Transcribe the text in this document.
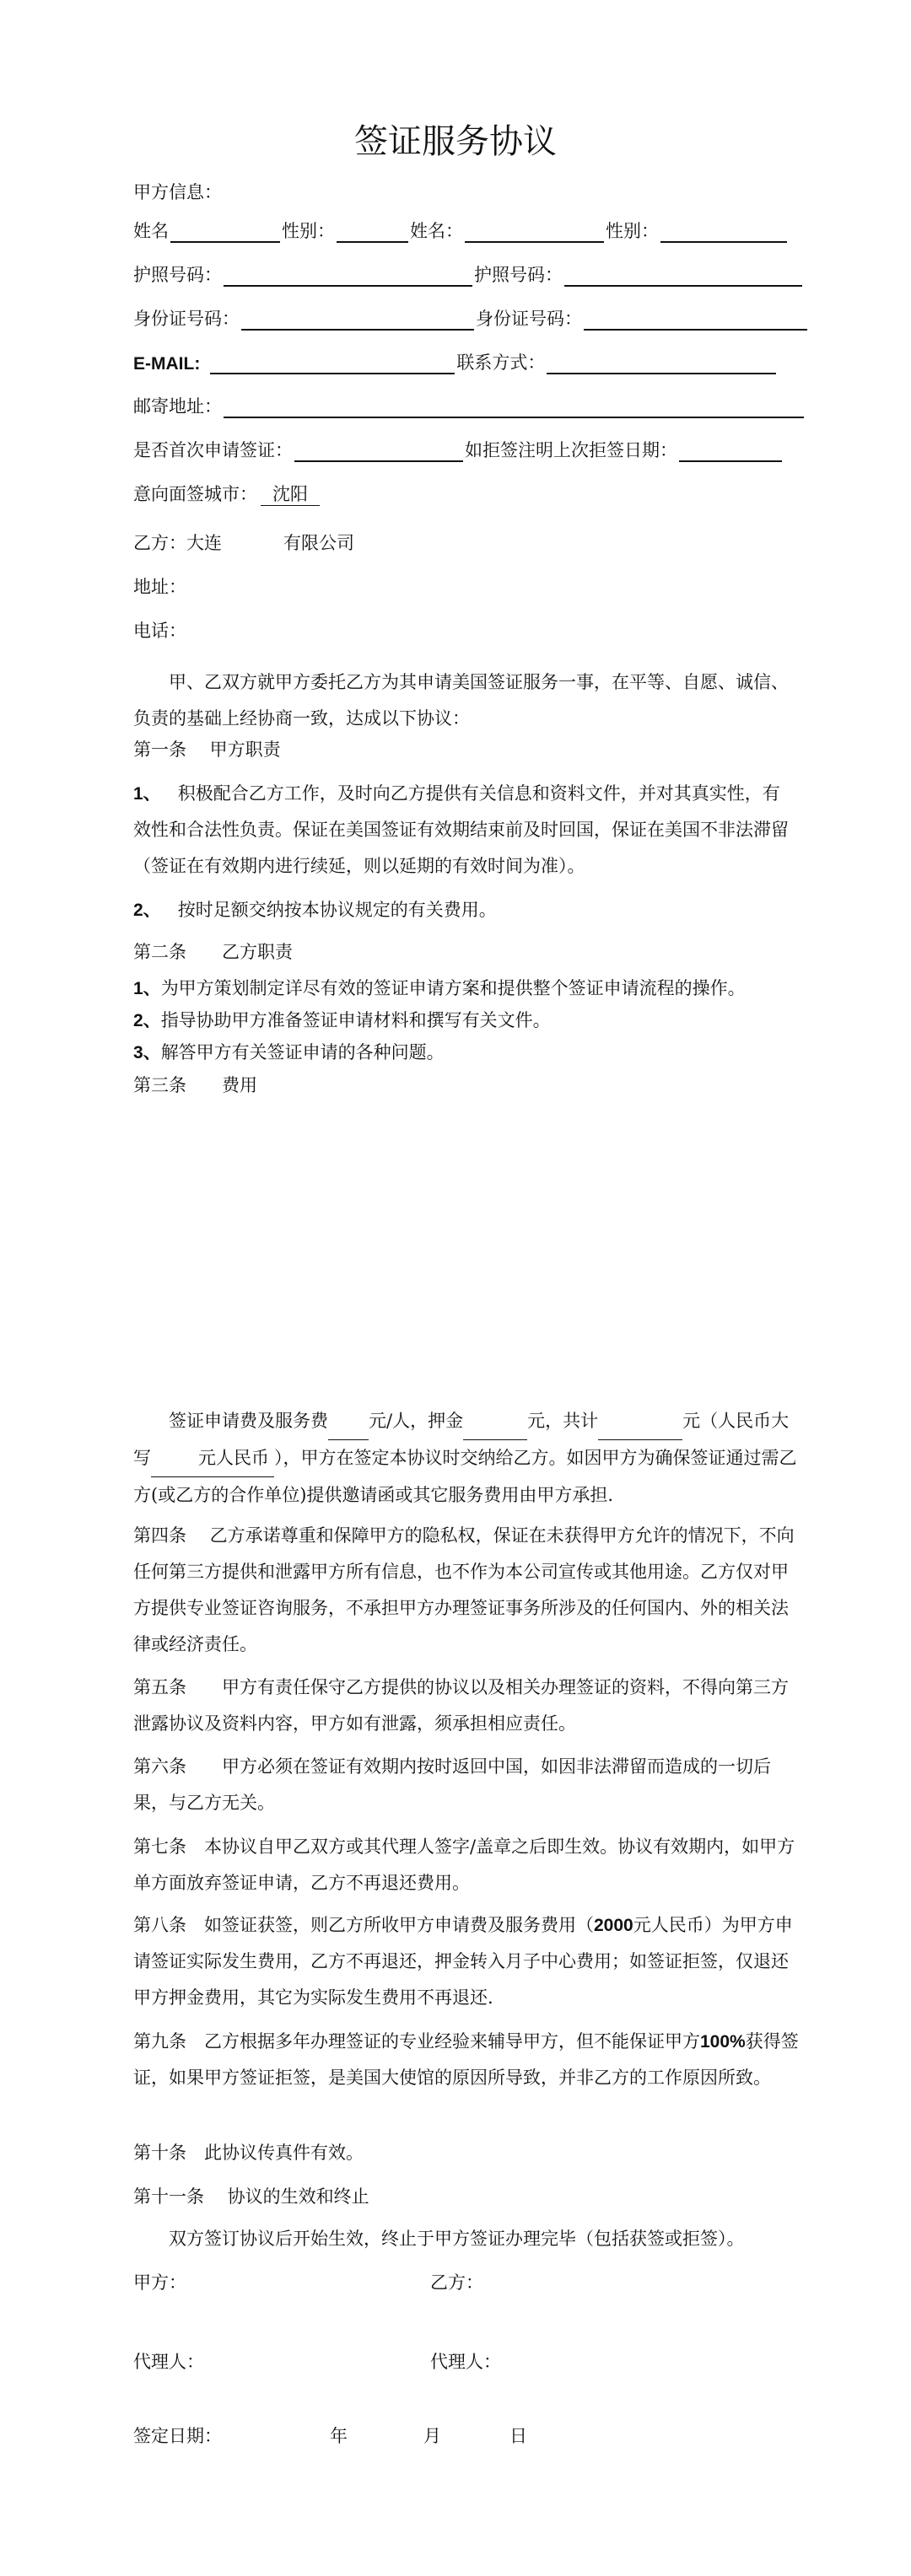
签证服务协议
甲方信息：
姓名	性别：	姓名：	性别：
护照号码：	护照号码：
身份证号码：	身份证号码：
E-MAIL:	联系方式：
邮寄地址：
是否首次申请签证：	如拒签注明上次拒签日期：
意向面签城市： 沈阳
乙方：大连	有限公司
地址：
电话：
甲、乙双方就甲方委托乙方为其申请美国签证服务一事，在平等、自愿、诚信、负责的基础上经协商一致，达成以下协议：
第一条　 甲方职责
1、 积极配合乙方工作，及时向乙方提供有关信息和资料文件，并对其真实性，有效性和合法性负责。保证在美国签证有效期结束前及时回国，保证在美国不非法滞留（签证在有效期内进行续延，则以延期的有效时间为准）。
2、 按时足额交纳按本协议规定的有关费用。
第二条　　乙方职责
1、为甲方策划制定详尽有效的签证申请方案和提供整个签证申请流程的操作。
2、指导协助甲方准备签证申请材料和撰写有关文件。
3、解答甲方有关签证申请的各种问题。
第三条　　费用
签证申请费及服务费 元/人，押金	元，共计	元（人民币大写	元人民币 ），甲方在签定本协议时交纳给乙方。如因甲方为确保签证通过需乙方(或乙方的合作单位)提供邀请函或其它服务费用由甲方承担.
第四条　 乙方承诺尊重和保障甲方的隐私权，保证在未获得甲方允许的情况下，不向任何第三方提供和泄露甲方所有信息，也不作为本公司宣传或其他用途。乙方仅对甲方提供专业签证咨询服务，不承担甲方办理签证事务所涉及的任何国内、外的相关法律或经济责任。
第五条　　甲方有责任保守乙方提供的协议以及相关办理签证的资料，不得向第三方泄露协议及资料内容，甲方如有泄露，须承担相应责任。
第六条　　甲方必须在签证有效期内按时返回中国，如因非法滞留而造成的一切后果，与乙方无关。
第七条　本协议自甲乙双方或其代理人签字/盖章之后即生效。协议有效期内，如甲方单方面放弃签证申请，乙方不再退还费用。
第八条　如签证获签，则乙方所收甲方申请费及服务费用（2000元人民币）为甲方申请签证实际发生费用，乙方不再退还，押金转入月子中心费用；如签证拒签，仅退还甲方押金费用，其它为实际发生费用不再退还.
第九条　乙方根据多年办理签证的专业经验来辅导甲方，但不能保证甲方100%获得签证，如果甲方签证拒签，是美国大使馆的原因所导致，并非乙方的工作原因所致。
第十条　此协议传真件有效。
第十一条　 协议的生效和终止
双方签订协议后开始生效，终止于甲方签证办理完毕（包括获签或拒签）。
甲方：	乙方：
代理人：	代理人：
签定日期：	年	月	日
